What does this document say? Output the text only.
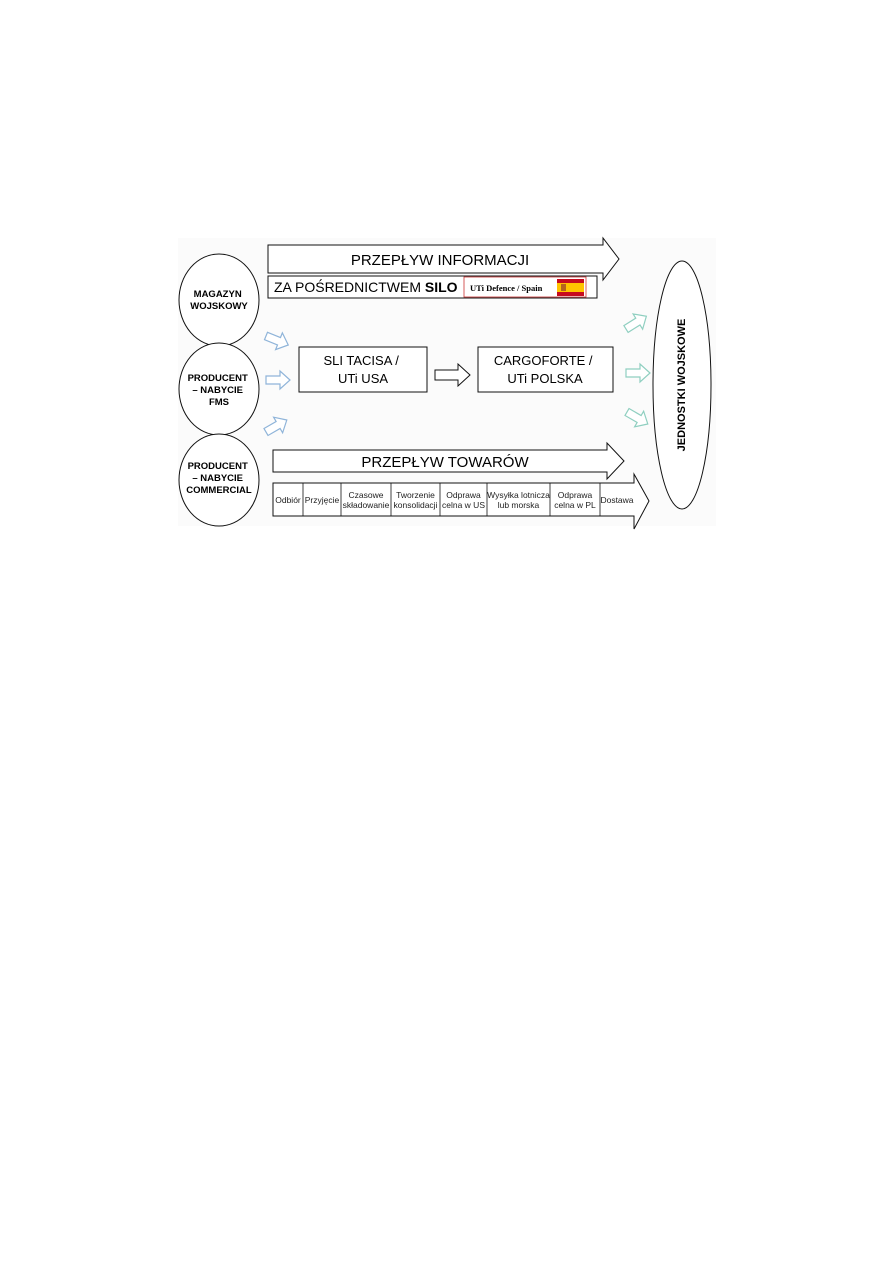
PRZEPŁYW INFORMACJI
ZA POŚREDNICTWEM SILO UTi Defence / Spain
MAGAZYN WOJSKOWY
PRODUCENT – NABYCIE FMS
PRODUCENT – NABYCIE COMMERCIAL
SLI TACISA / UTi USA
CARGOFORTE / UTi POLSKA	JEDNOSTKI WOJSKOWE
PRZEPŁYW TOWARÓW
Odbiór Przyjęcie	Czasowe składowanie
Tworzenie konsolidacji
Odprawa celna w US
Wysyłka lotnicza lub morska
Odprawa celna w PL Dostawa
